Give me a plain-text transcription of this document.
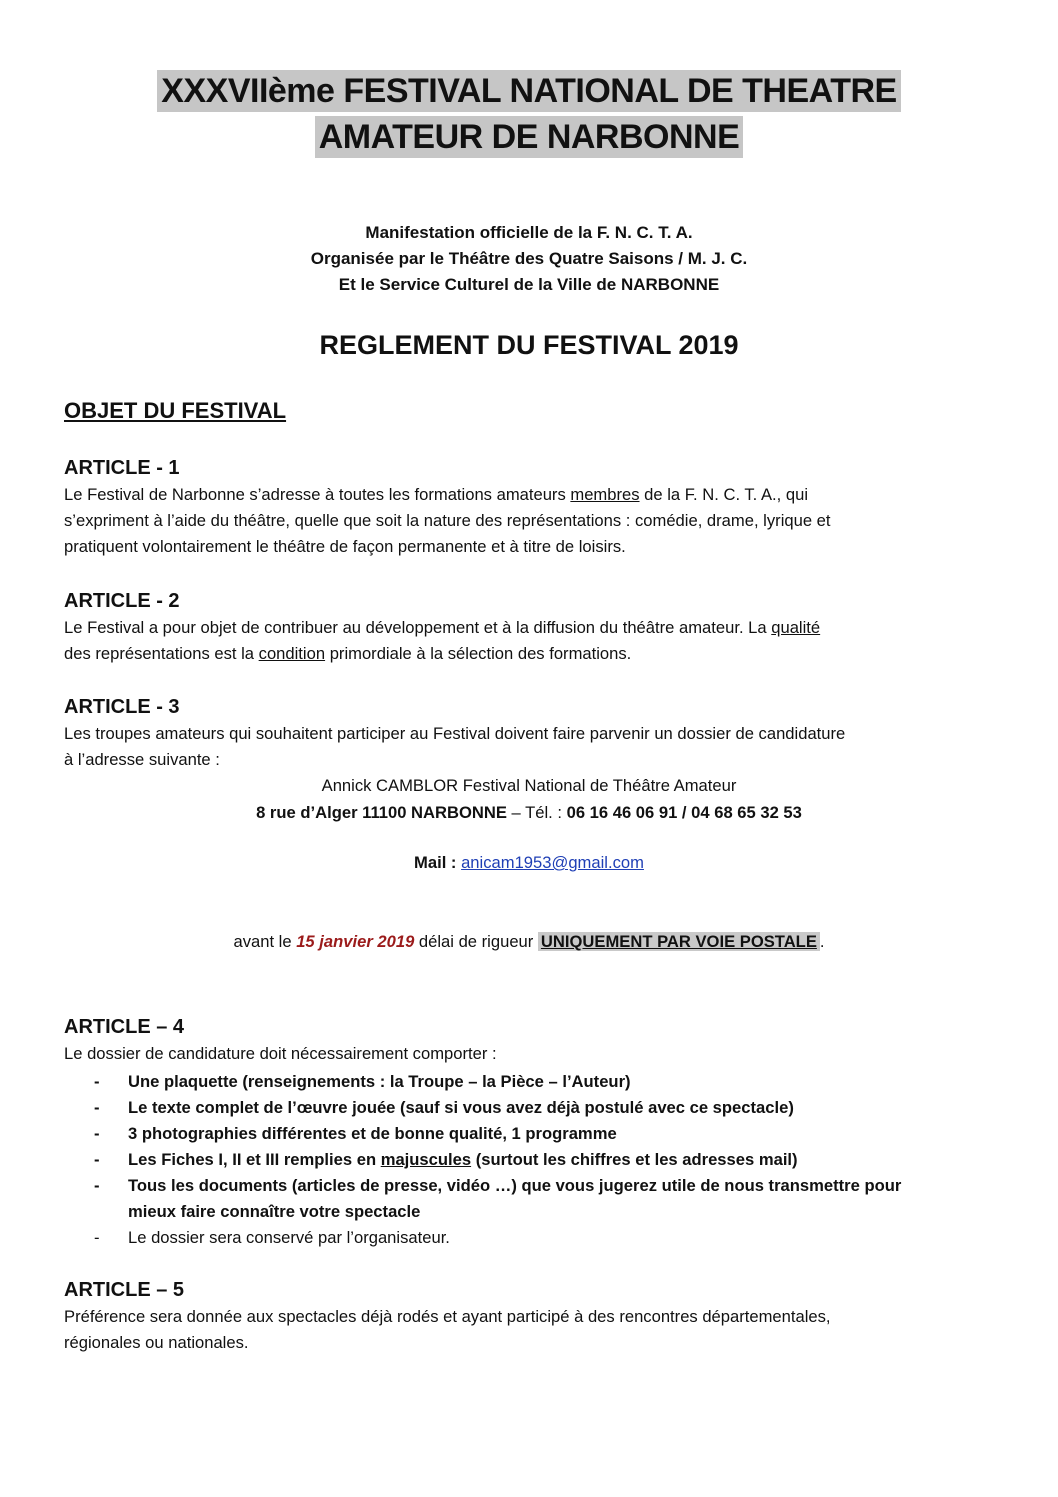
XXXVIIème FESTIVAL NATIONAL DE THEATRE
AMATEUR DE NARBONNE
Manifestation officielle de la F. N. C. T. A.
Organisée par le Théâtre des Quatre Saisons / M. J. C.
Et le Service Culturel de la Ville de NARBONNE
REGLEMENT DU FESTIVAL 2019
OBJET DU FESTIVAL

ARTICLE - 1

Le Festival de Narbonne s’adresse à toutes les formations amateurs membres de la F. N. C. T. A., qui

s’expriment à l’aide du théâtre, quelle que soit la nature des représentations : comédie, drame, lyrique et

pratiquent volontairement le théâtre de façon permanente et à titre de loisirs.

ARTICLE - 2

Le Festival a pour objet de contribuer au développement et à la diffusion du théâtre amateur. La qualité

des représentations est la condition primordiale à la sélection des formations.

ARTICLE - 3

Les troupes amateurs qui souhaitent participer au Festival doivent faire parvenir un dossier de candidature

à l’adresse suivante :

Annick CAMBLOR Festival National de Théâtre Amateur
8 rue d’Alger 11100 NARBONNE – Tél. : 06 16 46 06 91 / 04 68 65 32 53
Mail : anicam1953@gmail.com
avant le 15 janvier 2019 délai de rigueur UNIQUEMENT PAR VOIE POSTALE .

ARTICLE – 4

Le dossier de candidature doit nécessairement comporter :

- Une plaquette (renseignements : la Troupe – la Pièce – l’Auteur)
- Le texte complet de l’œuvre jouée (sauf si vous avez déjà postulé avec ce spectacle)
- 3 photographies différentes et de bonne qualité, 1 programme
- Les Fiches I, II et III remplies en majuscules (surtout les chiffres et les adresses mail)
- Tous les documents (articles de presse, vidéo …) que vous jugerez utile de nous transmettre pour
mieux faire connaître votre spectacle
- Le dossier sera conservé par l’organisateur.

ARTICLE – 5

Préférence sera donnée aux spectacles déjà rodés et ayant participé à des rencontres départementales,

régionales ou nationales.
